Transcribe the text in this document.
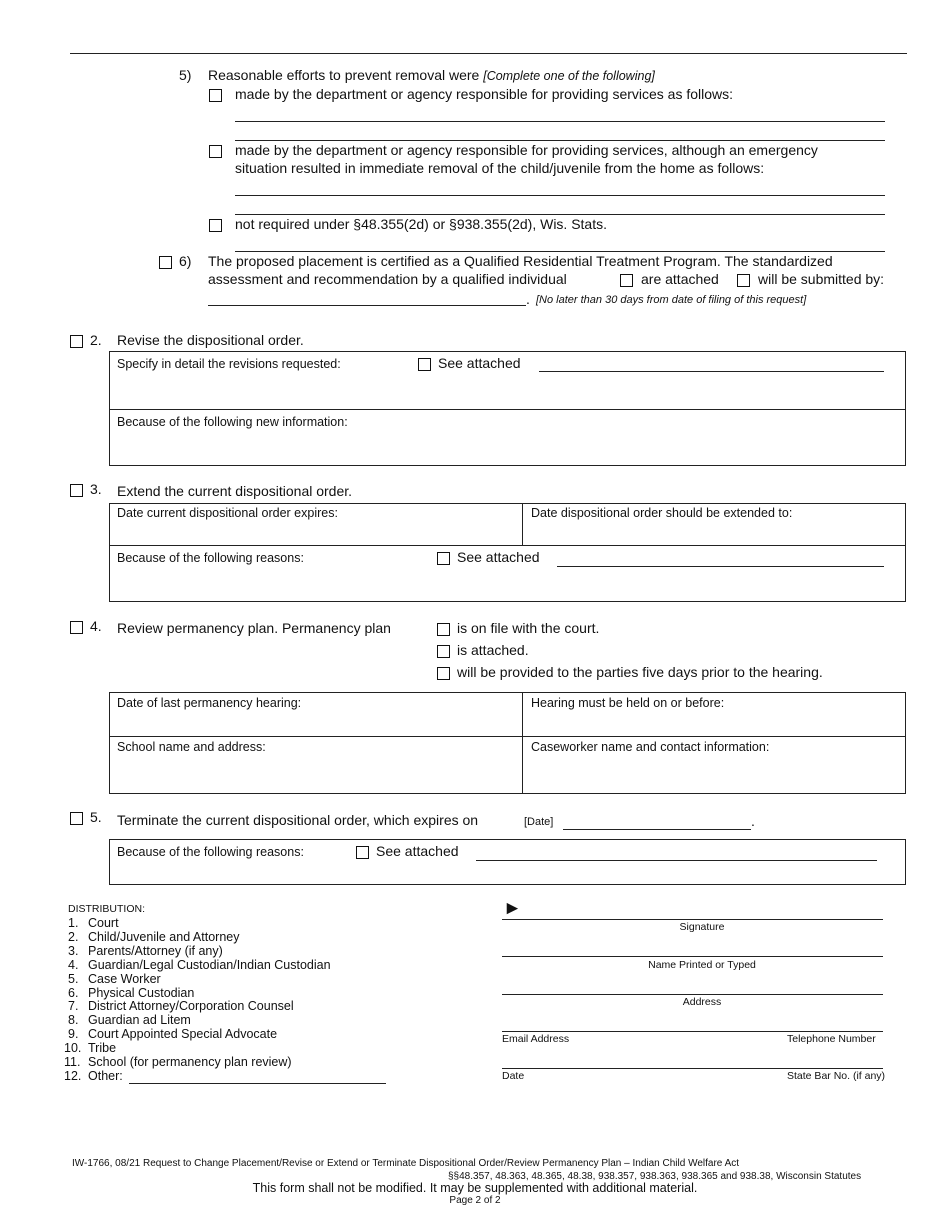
5) Reasonable efforts to prevent removal were [Complete one of the following]
made by the department or agency responsible for providing services as follows:
made by the department or agency responsible for providing services, although an emergency
situation resulted in immediate removal of the child/juvenile from the home as follows:
not required under §48.355(2d) or §938.355(2d), Wis. Stats.
6) The proposed placement is certified as a Qualified Residential Treatment Program. The standardized
assessment and recommendation by a qualified individual	are attached	will be submitted by:
. [No later than 30 days from date of filing of this request]
2. Revise the dispositional order.
Specify in detail the revisions requested:	See attached
Because of the following new information:
3. Extend the current dispositional order.
Date current dispositional order expires:	Date dispositional order should be extended to:
Because of the following reasons:	See attached
4. Review permanency plan. Permanency plan	is on file with the court.
is attached.
will be provided to the parties five days prior to the hearing.
Date of last permanency hearing:	Hearing must be held on or before:
School name and address:	Caseworker name and contact information:
5. Terminate the current dispositional order, which expires on	[Date]	.
Because of the following reasons:	See attached
DISTRIBUTION:
1. Court
2. Child/Juvenile and Attorney
3. Parents/Attorney (if any)
4. Guardian/Legal Custodian/Indian Custodian
5. Case Worker
6. Physical Custodian
7. District Attorney/Corporation Counsel
8. Guardian ad Litem
9. Court Appointed Special Advocate
10. Tribe
11. School (for permanency plan review)
12. Other:
►
Signature
Name Printed or Typed
Address
Email Address	Telephone Number
Date	State Bar No. (if any)
IW-1766, 08/21 Request to Change Placement/Revise or Extend or Terminate Dispositional Order/Review Permanency Plan – Indian Child Welfare Act
§§48.357, 48.363, 48.365, 48.38, 938.357, 938.363, 938.365 and 938.38, Wisconsin Statutes
This form shall not be modified. It may be supplemented with additional material.
Page 2 of 2
